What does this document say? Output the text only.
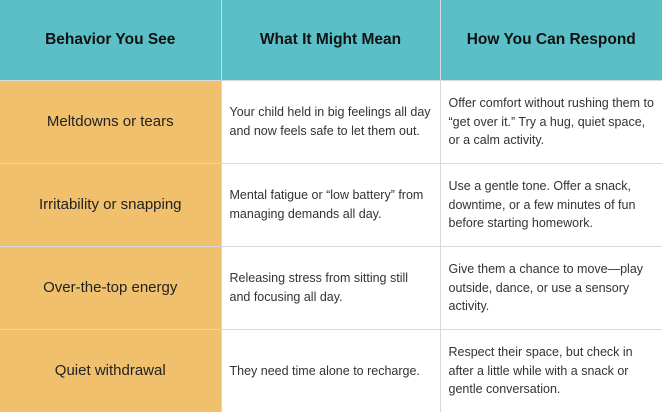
Behavior You See	What It Might Mean	How You Can Respond
Meltdowns or tears	Your child held in big feelings all day and now feels safe to let them out.	Offer comfort without rushing them to “get over it.” Try a hug, quiet space, or a calm activity.
Irritability or snapping	Mental fatigue or “low battery” from managing demands all day.	Use a gentle tone. Offer a snack, downtime, or a few minutes of fun before starting homework.
Over-the-top energy	Releasing stress from sitting still and focusing all day.	Give them a chance to move—play outside, dance, or use a sensory activity.
Quiet withdrawal	They need time alone to recharge.	Respect their space, but check in after a little while with a snack or gentle conversation.
